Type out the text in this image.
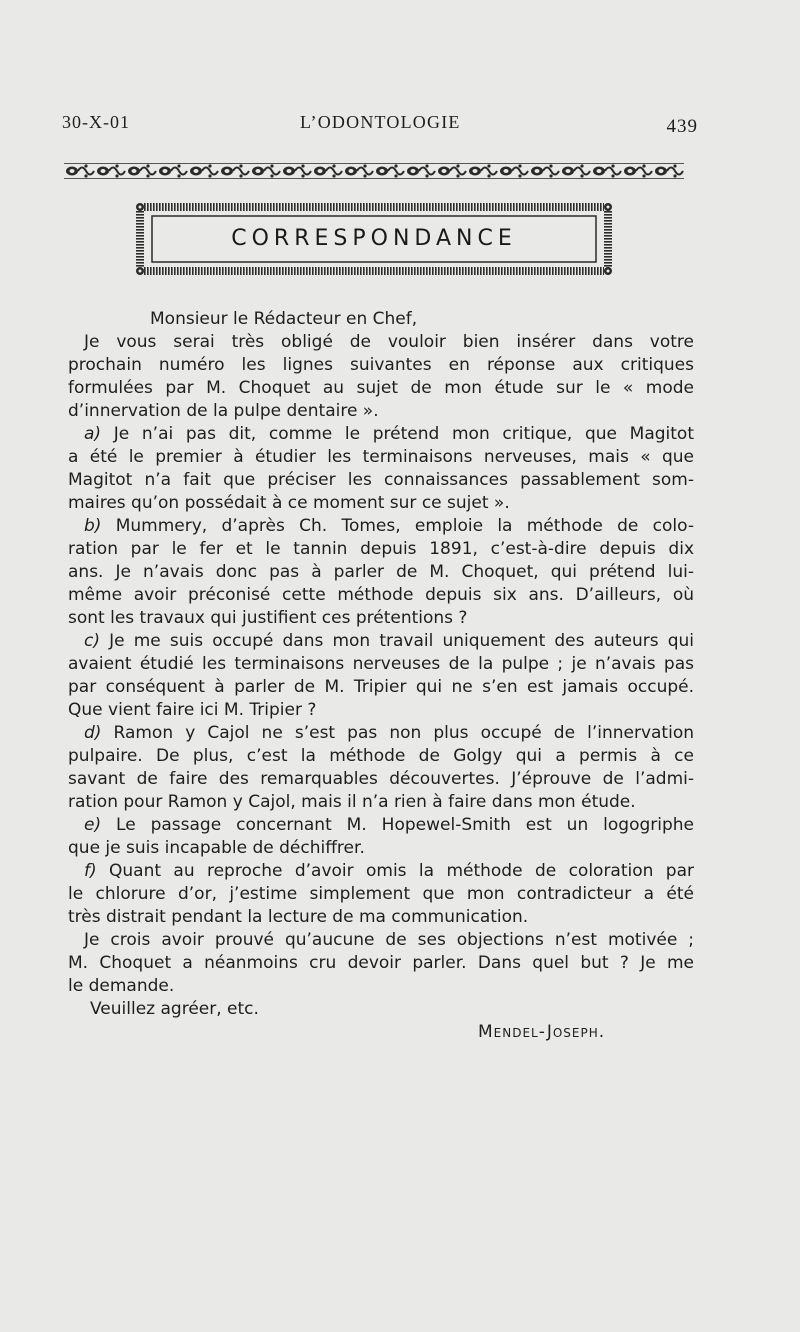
30-X-01	L’ODONTOLOGIE	439
CORRESPONDANCE
Monsieur le Rédacteur en Chef,
Je vous serai très obligé de vouloir bien insérer dans votre
prochain numéro les lignes suivantes en réponse aux critiques
formulées par M. Choquet au sujet de mon étude sur le « mode
d’innervation de la pulpe dentaire ».
a) Je n’ai pas dit, comme le prétend mon critique, que Magitot
a été le premier à étudier les terminaisons nerveuses, mais « que
Magitot n’a fait que préciser les connaissances passablement som-
maires qu’on possédait à ce moment sur ce sujet ».
b) Mummery, d’après Ch. Tomes, emploie la méthode de colo-
ration par le fer et le tannin depuis 1891, c’est-à-dire depuis dix
ans. Je n’avais donc pas à parler de M. Choquet, qui prétend lui-
même avoir préconisé cette méthode depuis six ans. D’ailleurs, où
sont les travaux qui justifient ces prétentions ?
c) Je me suis occupé dans mon travail uniquement des auteurs qui
avaient étudié les terminaisons nerveuses de la pulpe ; je n’avais pas
par conséquent à parler de M. Tripier qui ne s’en est jamais occupé.
Que vient faire ici M. Tripier ?
d) Ramon y Cajol ne s’est pas non plus occupé de l’innervation
pulpaire. De plus, c’est la méthode de Golgy qui a permis à ce
savant de faire des remarquables découvertes. J’éprouve de l’admi-
ration pour Ramon y Cajol, mais il n’a rien à faire dans mon étude.
e) Le passage concernant M. Hopewel-Smith est un logogriphe
que je suis incapable de déchiffrer.
f) Quant au reproche d’avoir omis la méthode de coloration par
le chlorure d’or, j’estime simplement que mon contradicteur a été
très distrait pendant la lecture de ma communication.
Je crois avoir prouvé qu’aucune de ses objections n’est motivée ;
M. Choquet a néanmoins cru devoir parler. Dans quel but ? Je me
le demande.
Veuillez agréer, etc.
Mendel-Joseph.
